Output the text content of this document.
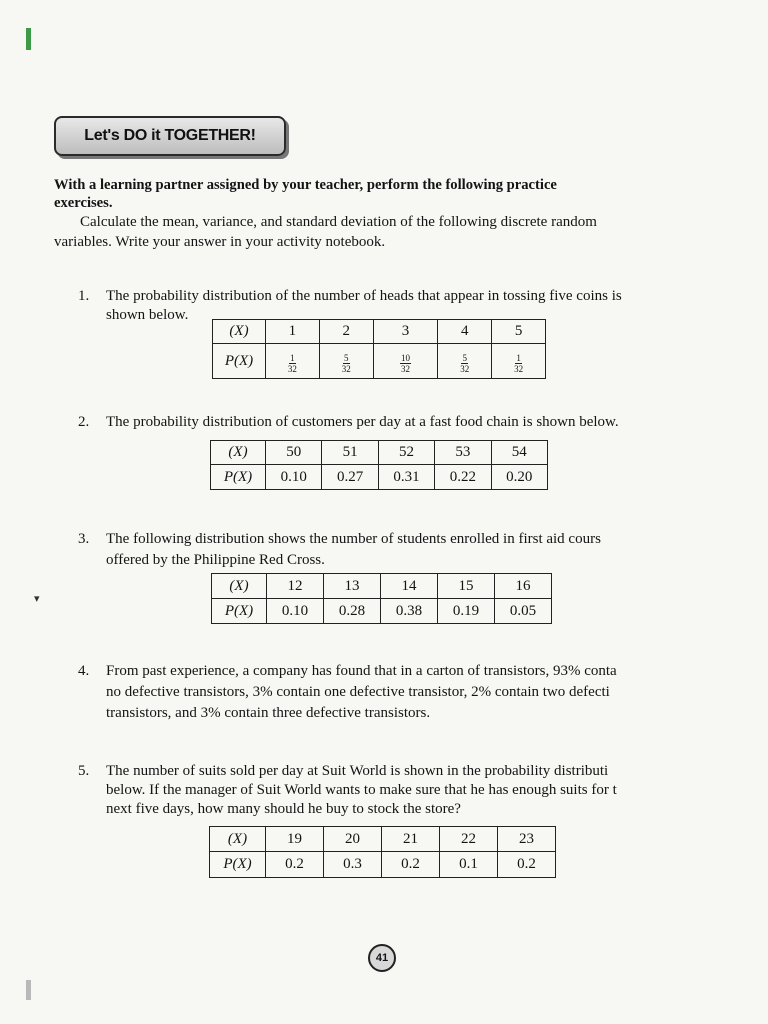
▾
Let's DO it TOGETHER!

With a learning partner assigned by your teacher, perform the following practice

exercises.

Calculate the mean, variance, and standard deviation of the following discrete random

variables. Write your answer in your activity notebook.

1. The probability distribution of the number of heads that appear in tossing five coins is
shown below.
(X)	1	2	3	4	5
P(X)	$\frac{1}{32}$	$\frac{5}{32}$	$\frac{10}{32}$	$\frac{5}{32}$	$\frac{1}{32}$
2. The probability distribution of customers per day at a fast food chain is shown below.
(X)	50	51	52	53	54
P(X)	0.10	0.27	0.31	0.22	0.20
3. The following distribution shows the number of students enrolled in first aid cours
offered by the Philippine Red Cross.
(X)	12	13	14	15	16
P(X)	0.10	0.28	0.38	0.19	0.05
4. From past experience, a company has found that in a carton of transistors, 93% conta
no defective transistors, 3% contain one defective transistor, 2% contain two defecti
transistors, and 3% contain three defective transistors.
5. The number of suits sold per day at Suit World is shown in the probability distributi
below. If the manager of Suit World wants to make sure that he has enough suits for t
next five days, how many should he buy to stock the store?
(X)	19	20	21	22	23
P(X)	0.2	0.3	0.2	0.1	0.2
41
